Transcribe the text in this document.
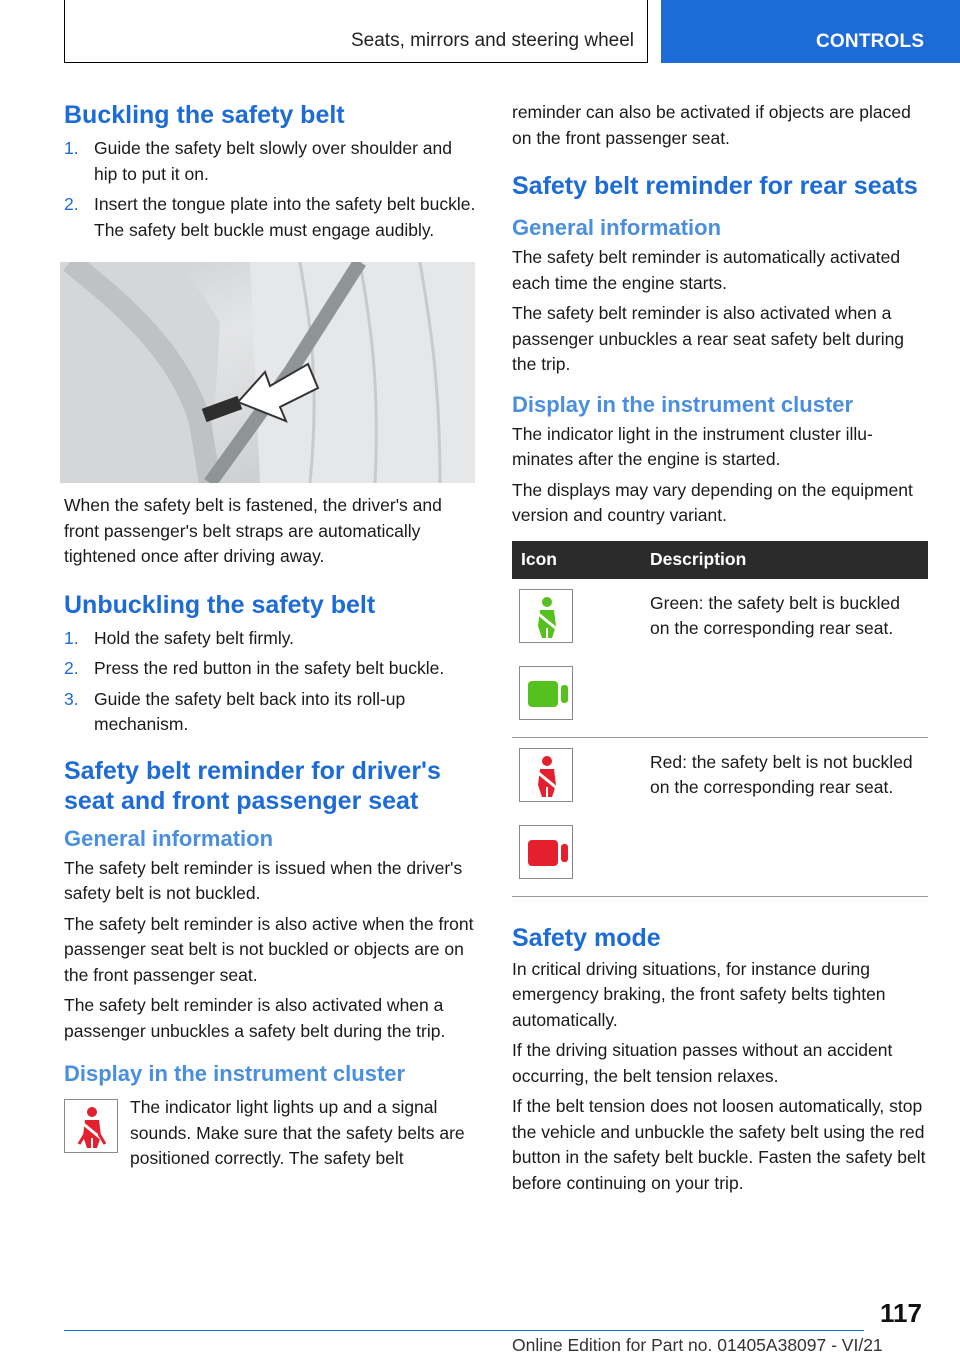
Seats, mirrors and steering wheel	CONTROLS
Buckling the safety belt
1. Guide the safety belt slowly over shoulder and hip to put it on.
2. Insert the tongue plate into the safety belt buckle. The safety belt buckle must engage audibly.

When the safety belt is fastened, the driver's and front passenger's belt straps are automatically tightened once after driving away.

Unbuckling the safety belt
1. Hold the safety belt firmly.
2. Press the red button in the safety belt buckle.
3. Guide the safety belt back into its roll-up mechanism.
Safety belt reminder for driver's seat and front passenger seat
General information

The safety belt reminder is issued when the driver's safety belt is not buckled.

The safety belt reminder is also active when the front passenger seat belt is not buckled or objects are on the front passenger seat.

The safety belt reminder is also activated when a passenger unbuckles a safety belt during the trip.

Display in the instrument cluster

The indicator light lights up and a signal sounds. Make sure that the safety belts are positioned correctly. The safety belt

reminder can also be activated if objects are placed on the front passenger seat.

Safety belt reminder for rear seats
General information

The safety belt reminder is automatically activated each time the engine starts.

The safety belt reminder is also activated when a passenger unbuckles a rear seat safety belt during the trip.

Display in the instrument cluster

The indicator light in the instrument cluster illuminates after the engine is started.

The displays may vary depending on the equipment version and country variant.

Icon	Description

	Green: the safety belt is buckled on the corresponding rear seat.

	Red: the safety belt is not buckled on the corresponding rear seat.
Safety mode

In critical driving situations, for instance during emergency braking, the front safety belts tighten automatically.

If the driving situation passes without an accident occurring, the belt tension relaxes.

If the belt tension does not loosen automatically, stop the vehicle and unbuckle the safety belt using the red button in the safety belt buckle. Fasten the safety belt before continuing on your trip.

117
Online Edition for Part no. 01405A38097 - VI/21
